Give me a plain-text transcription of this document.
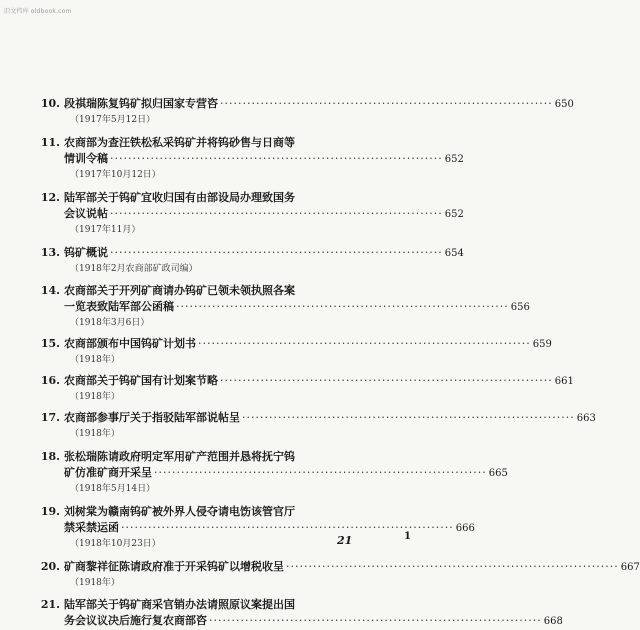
旧文档库 oldbook.com
10. 段祺瑞陈复钨矿拟归国家专营咨 ·········································································· 650
（1917年5月12日）
11. 农商部为查汪铁松私采钨矿并将钨砂售与日商等
情训令稿 ·········································································· 652
（1917年10月12日）
12. 陆军部关于钨矿宜收归国有由部设局办理致国务
会议说帖 ·········································································· 652
（1917年11月）
13. 钨矿概说 ·········································································· 654
（1918年2月农商部矿政司编）
14. 农商部关于开列矿商请办钨矿已领未领执照各案
一览表致陆军部公函稿 ·········································································· 656
（1918年3月6日）
15. 农商部颁布中国钨矿计划书 ·········································································· 659
（1918年）
16. 农商部关于钨矿国有计划案节略 ·········································································· 661
（1918年）
17. 农商部参事厅关于指驳陆军部说帖呈 ·········································································· 663
（1918年）
18. 张松瑞陈请政府明定军用矿产范围并恳将抚宁钨
矿仿准矿商开采呈 ·········································································· 665
（1918年5月14日）
19. 刘树棠为赣南钨矿被外界人侵夺请电饬该管官厅
禁采禁运函 ·········································································· 666
（1918年10月23日）
20. 矿商黎祥征陈请政府准于开采钨矿以增税收呈 ·········································································· 667
（1918年）
21. 陆军部关于钨矿商采官销办法请照原议案提出国
务会议议决后施行复农商部咨 ·········································································· 668
21	1
